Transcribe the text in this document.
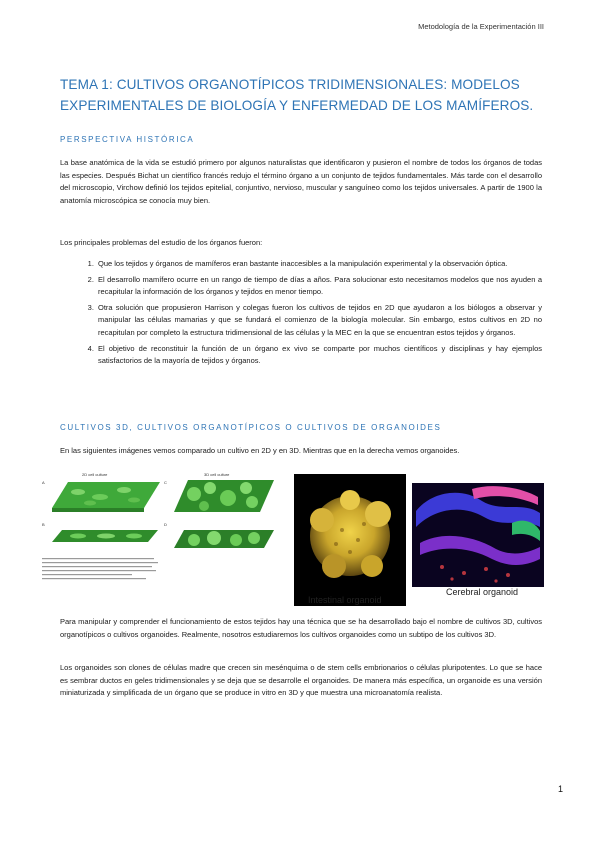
Metodología de la Experimentación III
TEMA 1: CULTIVOS ORGANOTÍPICOS TRIDIMENSIONALES: MODELOS EXPERIMENTALES DE BIOLOGÍA Y ENFERMEDAD DE LOS MAMÍFEROS.
PERSPECTIVA HISTÓRICA

La base anatómica de la vida se estudió primero por algunos naturalistas que identificaron y pusieron el nombre de todos los órganos de todas las especies. Después Bichat un científico francés redujo el término órgano a un conjunto de tejidos fundamentales. Más tarde con el desarrollo del microscopio, Virchow definió los tejidos epitelial, conjuntivo, nervioso, muscular y sanguíneo como los tejidos universales. A partir de 1900 la anatomía microscópica se conocía muy bien.

Los principales problemas del estudio de los órganos fueron:

1. Que los tejidos y órganos de mamíferos eran bastante inaccesibles a la manipulación experimental y la observación óptica.
2. El desarrollo mamífero ocurre en un rango de tiempo de días a años. Para solucionar esto necesitamos modelos que nos ayuden a recapitular la información de los órganos y tejidos en menor tiempo.
3. Otra solución que propusieron Harrison y colegas fueron los cultivos de tejidos en 2D que ayudaron a los biólogos a observar y manipular las células mamarias y que se fundará el comienzo de la biología molecular. Sin embargo, estos cultivos en 2D no recapitulan por completo la estructura tridimensional de las células y la MEC en la que se encuentran estos tejidos y órganos.
4. El objetivo de reconstituir la función de un órgano ex vivo se comparte por muchos científicos y disciplinas y hay ejemplos satisfactorios de la mayoría de tejidos y órganos.
CULTIVOS 3D, CULTIVOS ORGANOTÍPICOS O CULTIVOS DE ORGANOIDES

En las siguientes imágenes vemos comparado un cultivo en 2D y en 3D. Mientras que en la derecha vemos organoides.

2D cell culture	3D cell culture
A	C
B	D
Intestinal organoid
Cerebral organoid

Para manipular y comprender el funcionamiento de estos tejidos hay una técnica que se ha desarrollado bajo el nombre de cultivos 3D, cultivos organotípicos o cultivos organoides. Realmente, nosotros estudiaremos los cultivos organoides como un subtipo de los cultivos 3D.

Los organoides son clones de células madre que crecen sin mesénquima o de stem cells embrionarios o células pluripotentes. Lo que se hace es sembrar ductos en geles tridimensionales y se deja que se desarrolle el organoides. De manera más específica, un organoide es una versión miniaturizada y simplificada de un órgano que se produce in vitro en 3D y que muestra una microanatomía realista.

1
